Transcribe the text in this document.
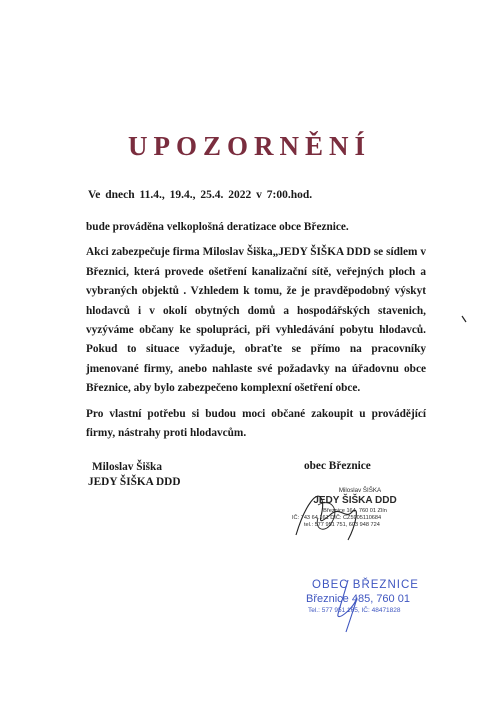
UPOZORNĚNÍ
Ve dnech 11.4., 19.4., 25.4. 2022 v 7:00.hod.

bude prováděna velkoplošná deratizace obce Březnice.

Akci zabezpečuje firma Miloslav Šiška„JEDY ŠIŠKA DDD se sídlem v Březnici, která provede ošetření kanalizační sítě, veřejných ploch a vybraných objektů . Vzhledem k tomu, že je pravděpodobný výskyt hlodavců i v okolí obytných domů a hospodářských stavenich, vyzýváme občany ke spolupráci, při vyhledávání pobytu hlodavců. Pokud to situace vyžaduje, obraťte se přímo na pracovníky jmenované firmy, anebo nahlaste své požadavky na úřadovnu obce Březnice, aby bylo zabezpečeno komplexní ošetření obce.

Pro vlastní potřebu si budou moci občané zakoupit u provádějící firmy, nástrahy proti hlodavcům.

Miloslav Šiška
JEDY ŠIŠKA DDD
obec Březnice
Miloslav ŠIŠKA
JEDY ŠIŠKA DDD
Březnice 164, 760 01 Zlín
IČ: 743 64 161 DIČ: CZ5905110684
tel.: 577 951 751, 603 948 724
OBEC BŘEZNICE
Březnice 485, 760 01
Tel.: 577 951 165, IČ: 48471828
